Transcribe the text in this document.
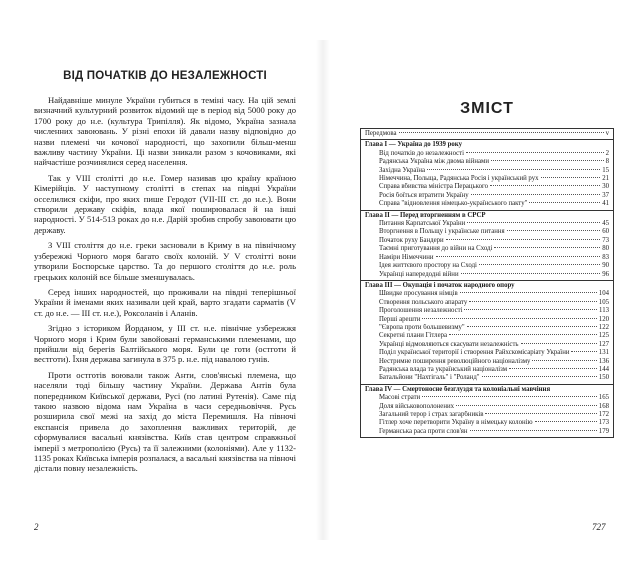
ВІД ПОЧАТКІВ ДО НЕЗАЛЕЖНОСТІ

Найдавніше минуле України губиться в темінi часу. На цій землі визначний культурний розвиток відомий ще в період від 5000 року до 1700 року до н.е. (культура Трипілля). Як відомо, Україна зазнала численних завоювань. У різні епохи ій давали назву відповідно до назви племені чи кочової народності, що захопили більш-менш важливу частину України. Ці назви зникали разом з кочовиками, які найчастіше розчинялися серед населення.

Так у VIII столітті до н.е. Гомер називав цю країну країною Кімерійців. У наступному столітті в степах на півдні України осселилися скіфи, про яких пише Геродот (VII-III ст. до н.е.). Вони створили державу скіфів, влада якої поширювалася й на інші народності. У 514-513 роках до н.е. Дарій зробив спробу завоювати цю державу.

З VIII століття до н.е. греки засновали в Криму в на північному узбережжі Чорного моря багато своїх колоній. У V столітті вони утворили Боспорське царство. Та до першого століття до н.е. роль грецьких колоній все більше зменшувалась.

Серед інших народностей, що проживали на півдні теперішньої України й іменами яких називали цей край, варто згадати сарматів (V ст. до н.е. — III ст. н.е.), Роксоланів і Аланів.

Згідно з істориком Йорданом, у III ст. н.е. північне узбережжя Чорного моря і Крим були завойовані германськими племенами, що прийшли від берегів Балтійського моря. Були це готи (остготи й вестготи). Їхня держава загинула в 375 р. н.е. під навалою гунів.

Проти остготів воювали також Анти, слов'янські племена, що населяли тоді більшу частину України. Держава Антів була попередником Київської держави, Русі (по латині Рутенія). Саме під такою назвою відома нам Україна в часи середньовіччя. Русь розширила свої межі на захід до міста Перемишля. На півночі експансія привела до захоплення важливих територій, де сформувалися васальні князівства. Київ став центром справжньої імперії з метрополією (Русь) та її залежними (колоніями). Але у 1132-1135 роках Київська імперія розпалася, а васальні князівства на півночі дістали повну незалежність.

2
ЗМІСТ
Передмова	v
Глава I — Україна до 1939 року
Від початків до незалежності	2
Радянська Україна між двома війнами	8
Західна Україна	15
Німеччина, Польща, Радянська Росія і український рух	21
Справа вбивства міністра Перацького	30
Росія боїться втратити Україну	37
Справа "відновлення німецько-українського пакту"	41
Глава II — Перед вторгненням в СРСР
Питання Карпатської України	45
Вторгнення в Польщу і українське питання	60
Початок руху Бандери	73
Таємні приготування до війни на Сході	80
Наміри Німеччини	83
Ідея життєвого простору на Сході	90
Українці напередодні війни	96
Глава III — Окупація і початок народного опору
Швидке просування німців	104
Створення польського апарату	105
Проголошення незалежності	113
Перші арешти	120
"Європа проти большевизму"	122
Секретні плани Гітлера	125
Українці відмовляються скасувати незалежність	127
Поділ української території і створення Райхскомісаріату України	131
Нестримне поширення революційного націоналізму	136
Радянська влада та український націоналізм	144
Батальйони "Нахтігаль" і "Роланд"	150
Глава IV — Смертоносне безглуздя та колоніальні мавчіння
Масові страти	165
Доля військовополонених	168
Загальний терор і страх загарбників	172
Гітлер хоче перетворити Україну в німецьку колонію	173
Германська раса проти слов'ян	179
727
